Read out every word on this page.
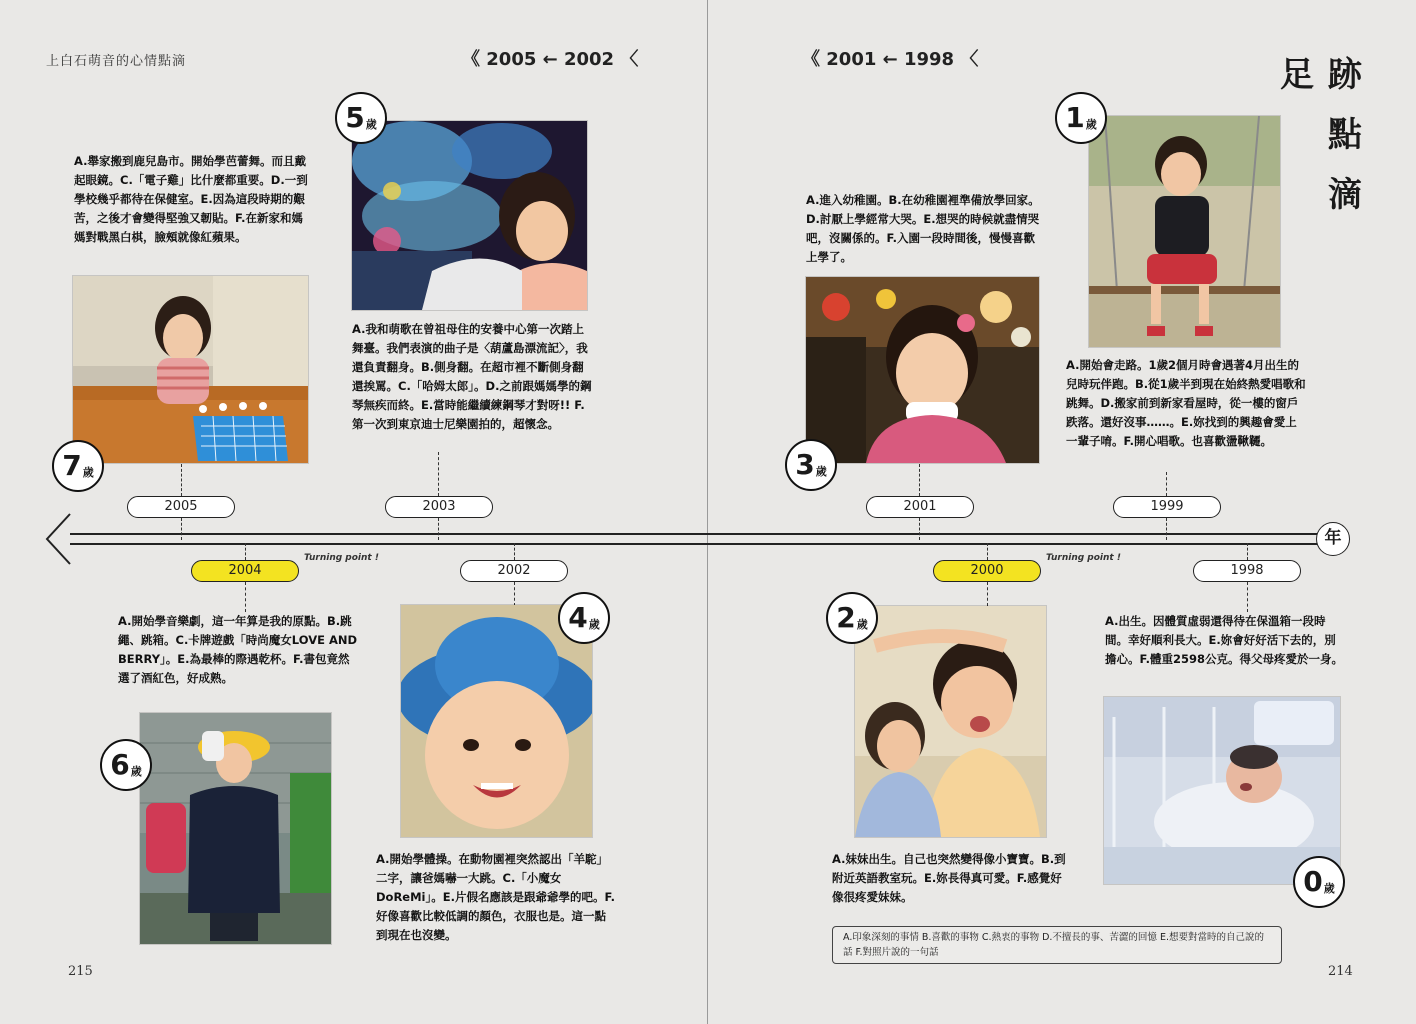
上白石萌音的心情點滴	《 2005 ← 2002 〈	《 2001 ← 1998 〈	足 跡
點
滴
年
2005	2003	2001	1999
2004	2002	2000	1998
Turning point !	Turning point !
7 歲
5 歲
3 歲
1 歲
6 歲
4 歲	2 歲
0 歲
A.舉家搬到鹿兒島市。開始學芭蕾舞。而且戴起眼鏡。C.「電子雞」比什麼都重要。D.一到學校幾乎都待在保健室。E.因為這段時期的艱苦，之後才會變得堅強又韌貼。F.在新家和媽媽對戰黑白棋，臉頰就像紅蘋果。
A.我和萌歌在曾祖母住的安養中心第一次踏上舞臺。我們表演的曲子是〈葫蘆島漂流記〉，我還負責翻身。B.側身翻。在超市裡不斷側身翻還挨罵。C.「哈姆太郎」。D.之前跟媽媽學的鋼琴無疾而終。E.當時能繼續練鋼琴才對呀!! F.第一次到東京迪士尼樂園拍的，超懷念。
A.進入幼稚園。B.在幼稚園裡準備放學回家。D.討厭上學經常大哭。E.想哭的時候就盡情哭吧，沒關係的。F.入園一段時間後，慢慢喜歡上學了。
A.開始會走路。1歲2個月時會遇著4月出生的兒時玩伴跑。B.從1歲半到現在始終熱愛唱歌和跳舞。D.搬家前到新家看屋時，從一樓的窗戶跌落。還好沒事……。E.妳找到的興趣會愛上一輩子唷。F.開心唱歌。也喜歡盪鞦韆。
A.開始學音樂劇，這一年算是我的原點。B.跳繩、跳箱。C.卡牌遊戲「時尚魔女LOVE AND BERRY」。E.為最棒的際遇乾杯。F.書包竟然選了酒紅色，好成熟。
A.開始學體操。在動物園裡突然認出「羊駝」二字，讓爸媽嚇一大跳。C.「小魔女DoReMi」。E.片假名應該是跟爺爺學的吧。F.好像喜歡比較低調的顏色，衣服也是。這一點到現在也沒變。
A.妹妹出生。自己也突然變得像小寶寶。B.到附近英語教室玩。E.妳長得真可愛。F.感覺好像很疼愛妹妹。
A.出生。因體質虛弱還得待在保溫箱一段時間。幸好順利長大。E.妳會好好活下去的，別擔心。F.體重2598公克。得父母疼愛於一身。
A.印象深刻的事情 B.喜歡的事物 C.熱衷的事物 D.不擅長的事、苦澀的回憶 E.想要對當時的自己說的話 F.對照片說的一句話
215	214
